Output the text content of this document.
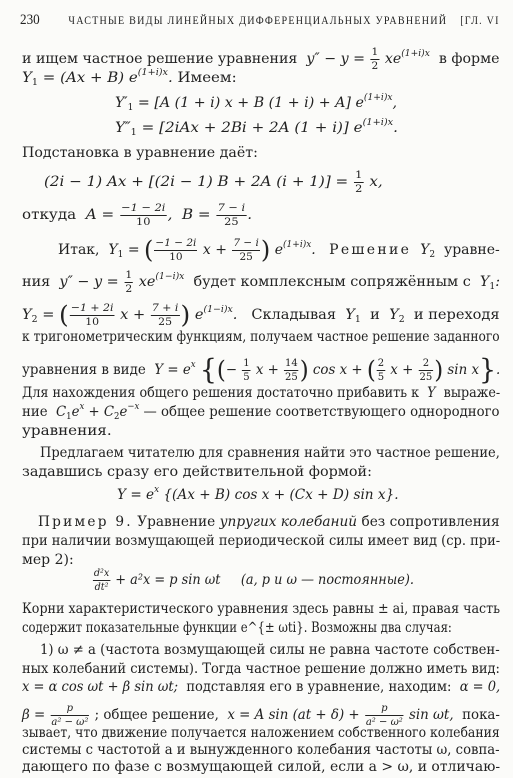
230 ЧАСТНЫЕ ВИДЫ ЛИНЕЙНЫХ ДИФФЕРЕНЦИАЛЬНЫХ УРАВНЕНИЙ [ГЛ. VI
и ищем частное решение уравнения  $y'' - y = \frac{1}{2} xe^{(1+i)x}$ в форме
$Y_1 = (Ax + B)$ $e^{(1+i)x}$. Имеем:
$Y'_1 = [A$ (1 + i) x + B (1 + i) + A] $e^{(1+i)x}$,
$Y''_1 = [2iAx + 2Bi + 2A$ (1 + i)] $e^{(1+i)x}$.
Подстановка в уравнение даёт:
(2i − 1) Ax + [(2i − 1) B + 2A $(i + 1)] = \frac{1}{2} x$,
откуда  $A = \frac{-1 - 2i}{10}$ ,  $B = \frac{7 - i}{25}$ .
Итак,  $Y_1$ = ( $\frac{-1 - 2i}{10}$ $x + \frac{7 - i}{25}$ ) $e^{(1+i)x}$.   Решение  $Y_2$ уравне-
ния  $y'' - y = \frac{1}{2} xe^{(1-i)x}$ будет комплексным сопряжённым с  $Y_1$:
$Y_2$ = ( $\frac{-1 + 2i}{10}$ $x + \frac{7 + i}{25}$ ) $e^{(1-i)x}$.   Складывая  $Y_1$ и  $Y_2$ и переходя
к тригонометрическим функциям, получаем частное решение заданного
уравнения в виде  $Y = e^x$ {(− $\frac{1}{5}$ $x + \frac{14}{25}$ ) cos x + ( $\frac{2}{5}$ $x + \frac{2}{25}$ ) sin x}.
Для нахождения общего решения достаточно прибавить к  Y  выраже-
ние  $C_1e^x + C_2e^{-x}$ — общее решение соответствующего однородного
уравнения.
Предлагаем читателю для сравнения найти это частное решение,
задавшись сразу его действительной формой:
$Y = e^x$ {(Ax + B) cos x + (Cx + D) sin x}.
Пример 9. Уравнение упругих колебаний без сопротивления
при наличии возмущающей периодической силы имеет вид (ср. при-
мер 2):
$\frac{\text{d²x}}{\text{dt²}} + a^2x = p$ sin ωt     (a, p и ω — постоянные).
Корни характеристического уравнения здесь равны ± ai, правая часть
содержит показательные функции e^{± ωti}. Возможны два случая:
1) ω ≠ a (частота возмущающей силы не равна частоте собствен-
ных колебаний системы). Тогда частное решение должно иметь вид:
x = α cos ωt + β sin ωt;  подставляя его в уравнение, находим:  α = 0,
$\beta = \frac{p}{\text{a² − ω²}}$ ; общее решение,  x = A $\sin (at + \delta) + \frac{p}{\text{a² − ω²}}$ sin ωt,  пока-
зывает, что движение получается наложением собственного колебания
системы с частотой a и вынужденного колебания частоты ω, совпа-
дающего по фазе с возмущающей силой, если a > ω, и отличаю-
